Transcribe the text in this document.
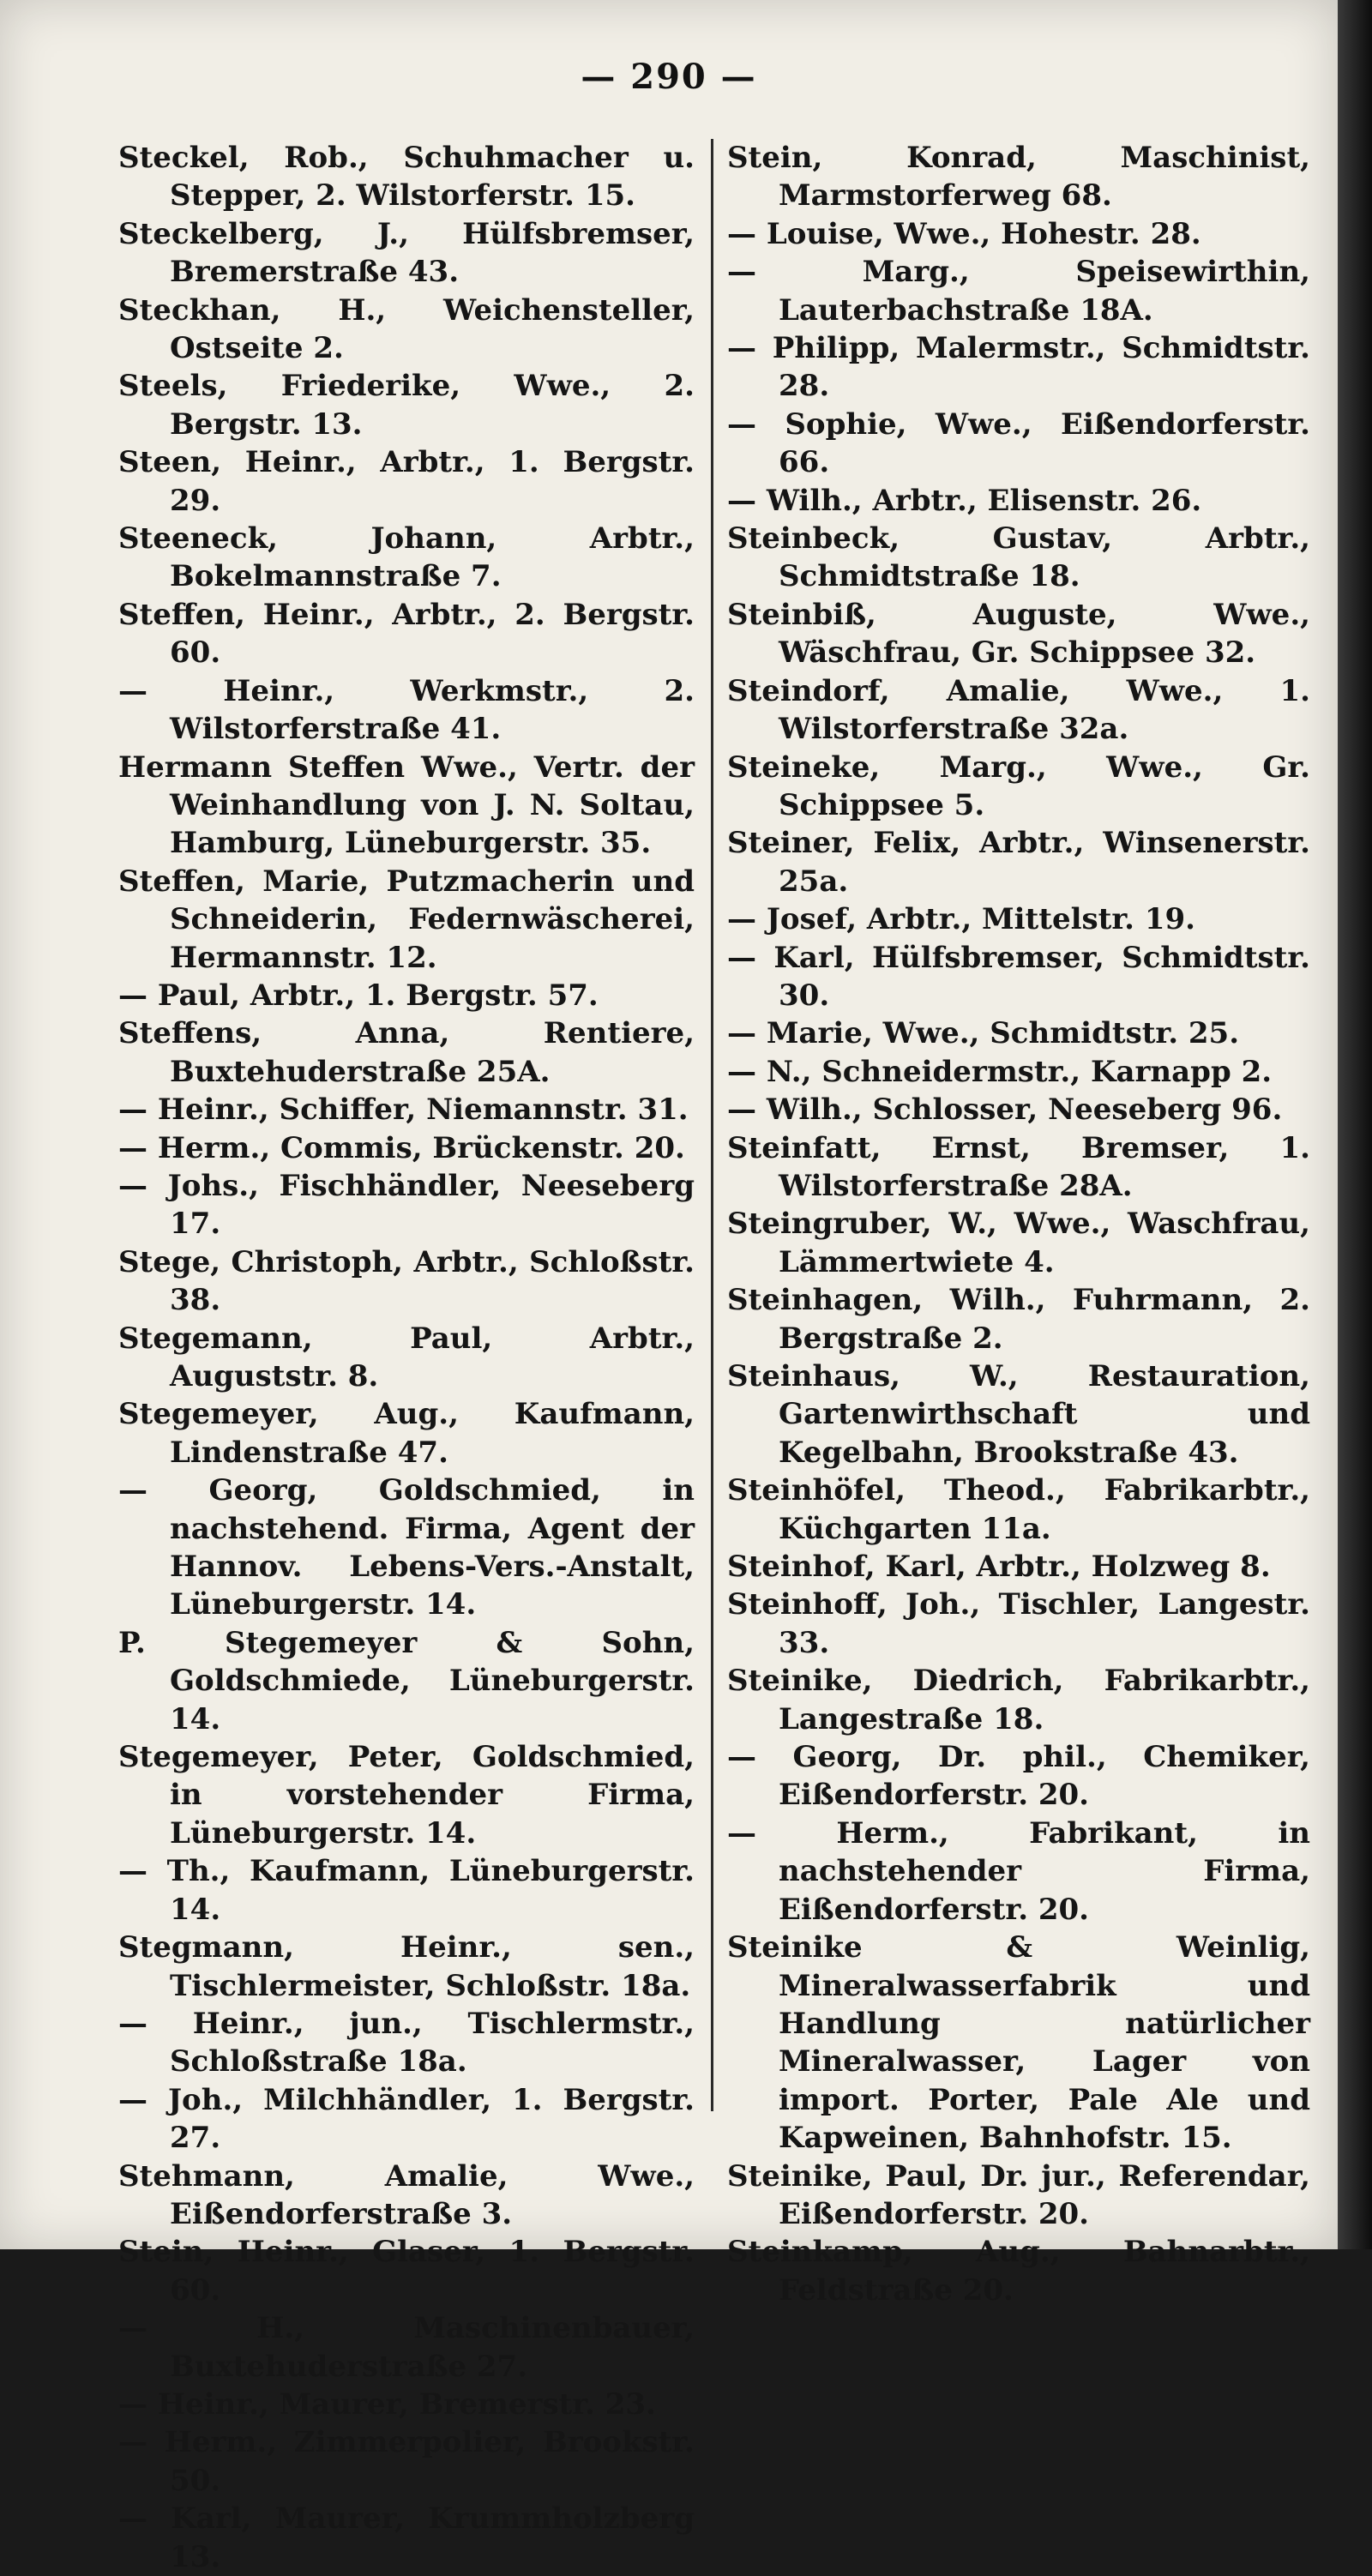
— 290 —

Steckel, Rob., Schuhmacher u. Stepper, 2. Wilstorferstr. 15.

Steckelberg, J., Hülfsbremser, Bremerstraße 43.

Steckhan, H., Weichensteller, Ostseite 2.

Steels, Friederike, Wwe., 2. Bergstr. 13.

Steen, Heinr., Arbtr., 1. Bergstr. 29.

Steeneck, Johann, Arbtr., Bokelmannstraße 7.

Steffen, Heinr., Arbtr., 2. Bergstr. 60.

— Heinr., Werkmstr., 2. Wilstorferstraße 41.

Hermann Steffen Wwe., Vertr. der Weinhandlung von J. N. Soltau, Hamburg, Lüneburgerstr. 35.

Steffen, Marie, Putzmacherin und Schneiderin, Federnwäscherei, Hermannstr. 12.

— Paul, Arbtr., 1. Bergstr. 57.

Steffens, Anna, Rentiere, Buxtehuderstraße 25A.

— Heinr., Schiffer, Niemannstr. 31.

— Herm., Commis, Brückenstr. 20.

— Johs., Fischhändler, Neeseberg 17.

Stege, Christoph, Arbtr., Schloßstr. 38.

Stegemann, Paul, Arbtr., Auguststr. 8.

Stegemeyer, Aug., Kaufmann, Lindenstraße 47.

— Georg, Goldschmied, in nachstehend. Firma, Agent der Hannov. Lebens-Vers.-Anstalt, Lüneburgerstr. 14.

P. Stegemeyer & Sohn, Goldschmiede, Lüneburgerstr. 14.

Stegemeyer, Peter, Goldschmied, in vorstehender Firma, Lüneburgerstr. 14.

— Th., Kaufmann, Lüneburgerstr. 14.

Stegmann, Heinr., sen., Tischlermeister, Schloßstr. 18a.

— Heinr., jun., Tischlermstr., Schloßstraße 18a.

— Joh., Milchhändler, 1. Bergstr. 27.

Stehmann, Amalie, Wwe., Eißendorferstraße 3.

Stein, Heinr., Glaser, 1. Bergstr. 60.

— H., Maschinenbauer, Buxtehuderstraße 27.

— Heinr., Maurer, Bremerstr. 23.

— Herm., Zimmerpolier, Brookstr. 50.

— Karl, Maurer, Krummholzberg 13.

Stein, Konrad, Maschinist, Marmstorferweg 68.

— Louise, Wwe., Hohestr. 28.

— Marg., Speisewirthin, Lauterbachstraße 18A.

— Philipp, Malermstr., Schmidtstr. 28.

— Sophie, Wwe., Eißendorferstr. 66.

— Wilh., Arbtr., Elisenstr. 26.

Steinbeck, Gustav, Arbtr., Schmidtstraße 18.

Steinbiß, Auguste, Wwe., Wäschfrau, Gr. Schippsee 32.

Steindorf, Amalie, Wwe., 1. Wilstorferstraße 32a.

Steineke, Marg., Wwe., Gr. Schippsee 5.

Steiner, Felix, Arbtr., Winsenerstr. 25a.

— Josef, Arbtr., Mittelstr. 19.

— Karl, Hülfsbremser, Schmidtstr. 30.

— Marie, Wwe., Schmidtstr. 25.

— N., Schneidermstr., Karnapp 2.

— Wilh., Schlosser, Neeseberg 96.

Steinfatt, Ernst, Bremser, 1. Wilstorferstraße 28A.

Steingruber, W., Wwe., Waschfrau, Lämmertwiete 4.

Steinhagen, Wilh., Fuhrmann, 2. Bergstraße 2.

Steinhaus, W., Restauration, Gartenwirthschaft und Kegelbahn, Brookstraße 43.

Steinhöfel, Theod., Fabrikarbtr., Küchgarten 11a.

Steinhof, Karl, Arbtr., Holzweg 8.

Steinhoff, Joh., Tischler, Langestr. 33.

Steinike, Diedrich, Fabrikarbtr., Langestraße 18.

— Georg, Dr. phil., Chemiker, Eißendorferstr. 20.

— Herm., Fabrikant, in nachstehender Firma, Eißendorferstr. 20.

Steinike & Weinlig, Mineralwasserfabrik und Handlung natürlicher Mineralwasser, Lager von import. Porter, Pale Ale und Kapweinen, Bahnhofstr. 15.

Steinike, Paul, Dr. jur., Referendar, Eißendorferstr. 20.

Steinkamp, Aug., Bahnarbtr., Feldstraße 20.
